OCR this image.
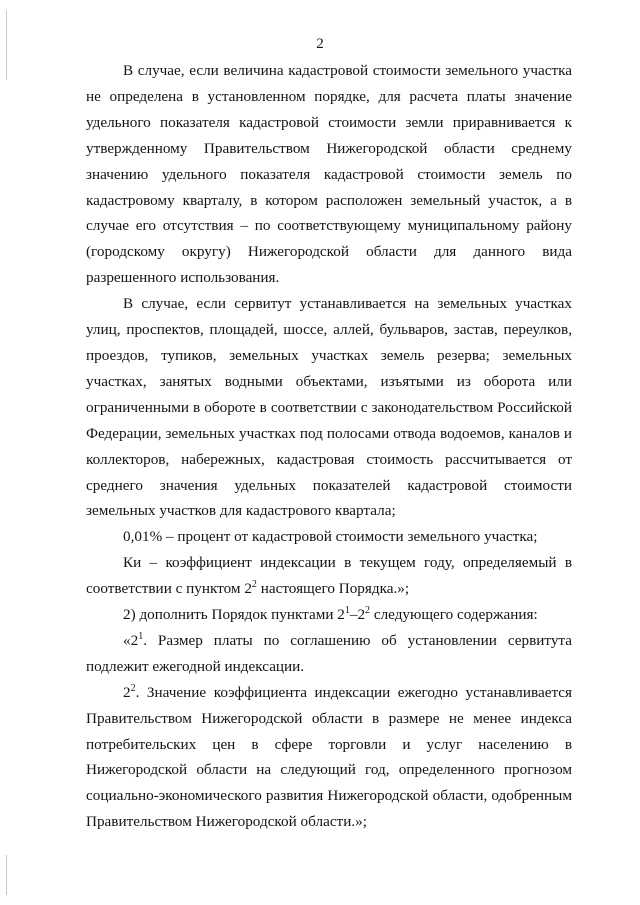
2

В случае, если величина кадастровой стоимости земельного участка не определена в установленном порядке, для расчета платы значение удельного показателя кадастровой стоимости земли приравнивается к утвержденному Правительством Нижегородской области среднему значению удельного показателя кадастровой стоимости земель по кадастровому кварталу, в котором расположен земельный участок, а в случае его отсутствия – по соответствующему муниципальному району (городскому округу) Нижегородской области для данного вида разрешенного использования.

В случае, если сервитут устанавливается на земельных участках улиц, проспектов, площадей, шоссе, аллей, бульваров, застав, переулков, проездов, тупиков, земельных участках земель резерва; земельных участках, занятых водными объектами, изъятыми из оборота или ограниченными в обороте в соответствии с законодательством Российской Федерации, земельных участках под полосами отвода водоемов, каналов и коллекторов, набережных, кадастровая стоимость рассчитывается от среднего значения удельных показателей кадастровой стоимости земельных участков для кадастрового квартала;

0,01% – процент от кадастровой стоимости земельного участка;

Ки – коэффициент индексации в текущем году, определяемый в соответствии с пунктом $2^2$ настоящего Порядка.»;

2) дополнить Порядок пунктами $2^1-2^2$ следующего содержания:

«$2^1$. Размер платы по соглашению об установлении сервитута подлежит ежегодной индексации.

$2^2$. Значение коэффициента индексации ежегодно устанавливается Правительством Нижегородской области в размере не менее индекса потребительских цен в сфере торговли и услуг населению в Нижегородской области на следующий год, определенного прогнозом социально-экономического развития Нижегородской области, одобренным Правительством Нижегородской области.»;
